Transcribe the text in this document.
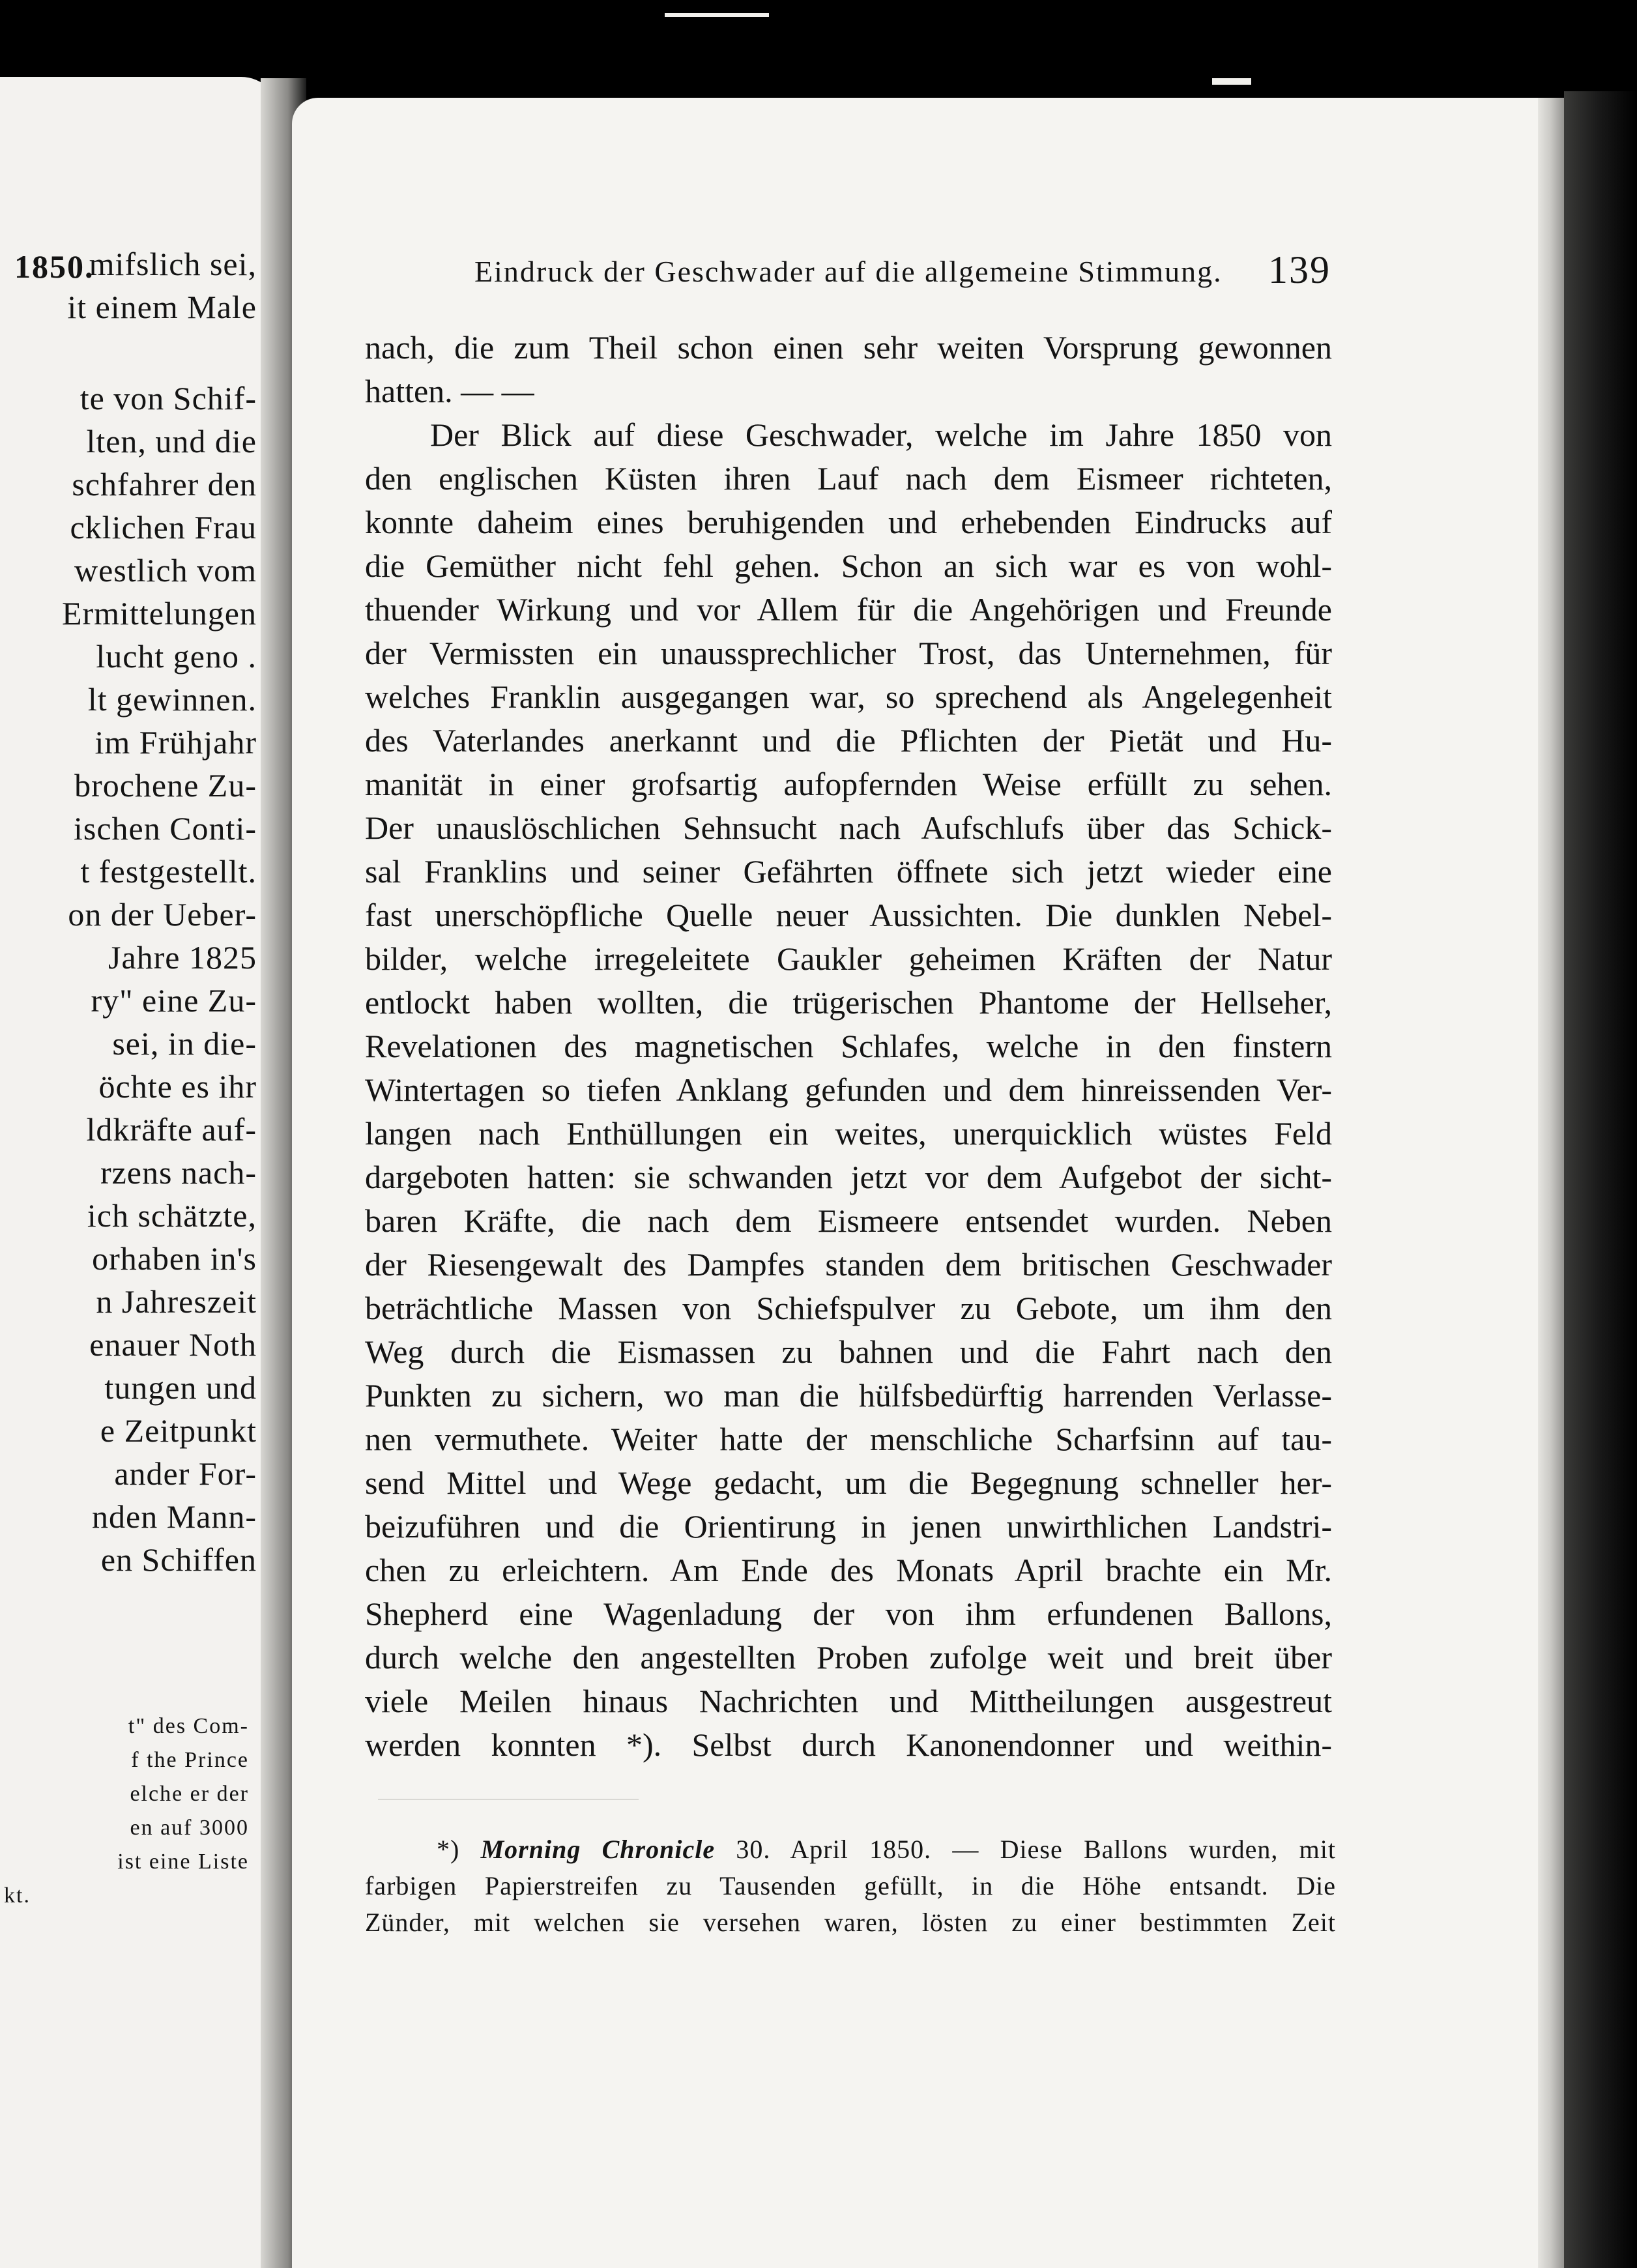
1850.
mifslich sei,
it einem Male
te von Schif-
lten, und die
schfahrer den
cklichen Frau
westlich vom
Ermittelungen
lucht geno .
lt gewinnen.
im Frühjahr
brochene Zu-
ischen Conti-
t festgestellt.
on der Ueber-
Jahre 1825
ry" eine Zu-
sei, in die-
öchte es ihr
ldkräfte auf-
rzens nach-
ich schätzte,
orhaben in's
n Jahreszeit
enauer Noth
tungen und
e Zeitpunkt
ander For-
nden Mann-
en Schiffen
t" des Com-
f the Prince
elche er der
en auf 3000
ist eine Liste
kt.
Eindruck der Geschwader auf die allgemeine Stimmung. 139
nach, die zum Theil schon einen sehr weiten Vorsprung gewonnen
hatten. — —
Der Blick auf diese Geschwader, welche im Jahre 1850 von
den englischen Küsten ihren Lauf nach dem Eismeer richteten,
konnte daheim eines beruhigenden und erhebenden Eindrucks auf
die Gemüther nicht fehl gehen. Schon an sich war es von wohl-
thuender Wirkung und vor Allem für die Angehörigen und Freunde
der Vermissten ein unaussprechlicher Trost, das Unternehmen, für
welches Franklin ausgegangen war, so sprechend als Angelegenheit
des Vaterlandes anerkannt und die Pflichten der Pietät und Hu-
manität in einer grofsartig aufopfernden Weise erfüllt zu sehen.
Der unauslöschlichen Sehnsucht nach Aufschlufs über das Schick-
sal Franklins und seiner Gefährten öffnete sich jetzt wieder eine
fast unerschöpfliche Quelle neuer Aussichten. Die dunklen Nebel-
bilder, welche irregeleitete Gaukler geheimen Kräften der Natur
entlockt haben wollten, die trügerischen Phantome der Hellseher,
Revelationen des magnetischen Schlafes, welche in den finstern
Wintertagen so tiefen Anklang gefunden und dem hinreissenden Ver-
langen nach Enthüllungen ein weites, unerquicklich wüstes Feld
dargeboten hatten: sie schwanden jetzt vor dem Aufgebot der sicht-
baren Kräfte, die nach dem Eismeere entsendet wurden. Neben
der Riesengewalt des Dampfes standen dem britischen Geschwader
beträchtliche Massen von Schiefspulver zu Gebote, um ihm den
Weg durch die Eismassen zu bahnen und die Fahrt nach den
Punkten zu sichern, wo man die hülfsbedürftig harrenden Verlasse-
nen vermuthete. Weiter hatte der menschliche Scharfsinn auf tau-
send Mittel und Wege gedacht, um die Begegnung schneller her-
beizuführen und die Orientirung in jenen unwirthlichen Landstri-
chen zu erleichtern. Am Ende des Monats April brachte ein Mr.
Shepherd eine Wagenladung der von ihm erfundenen Ballons,
durch welche den angestellten Proben zufolge weit und breit über
viele Meilen hinaus Nachrichten und Mittheilungen ausgestreut
werden konnten *). Selbst durch Kanonendonner und weithin-
*) Morning Chronicle 30. April 1850. — Diese Ballons wurden, mit
farbigen Papierstreifen zu Tausenden gefüllt, in die Höhe entsandt. Die
Zünder, mit welchen sie versehen waren, lösten zu einer bestimmten Zeit
